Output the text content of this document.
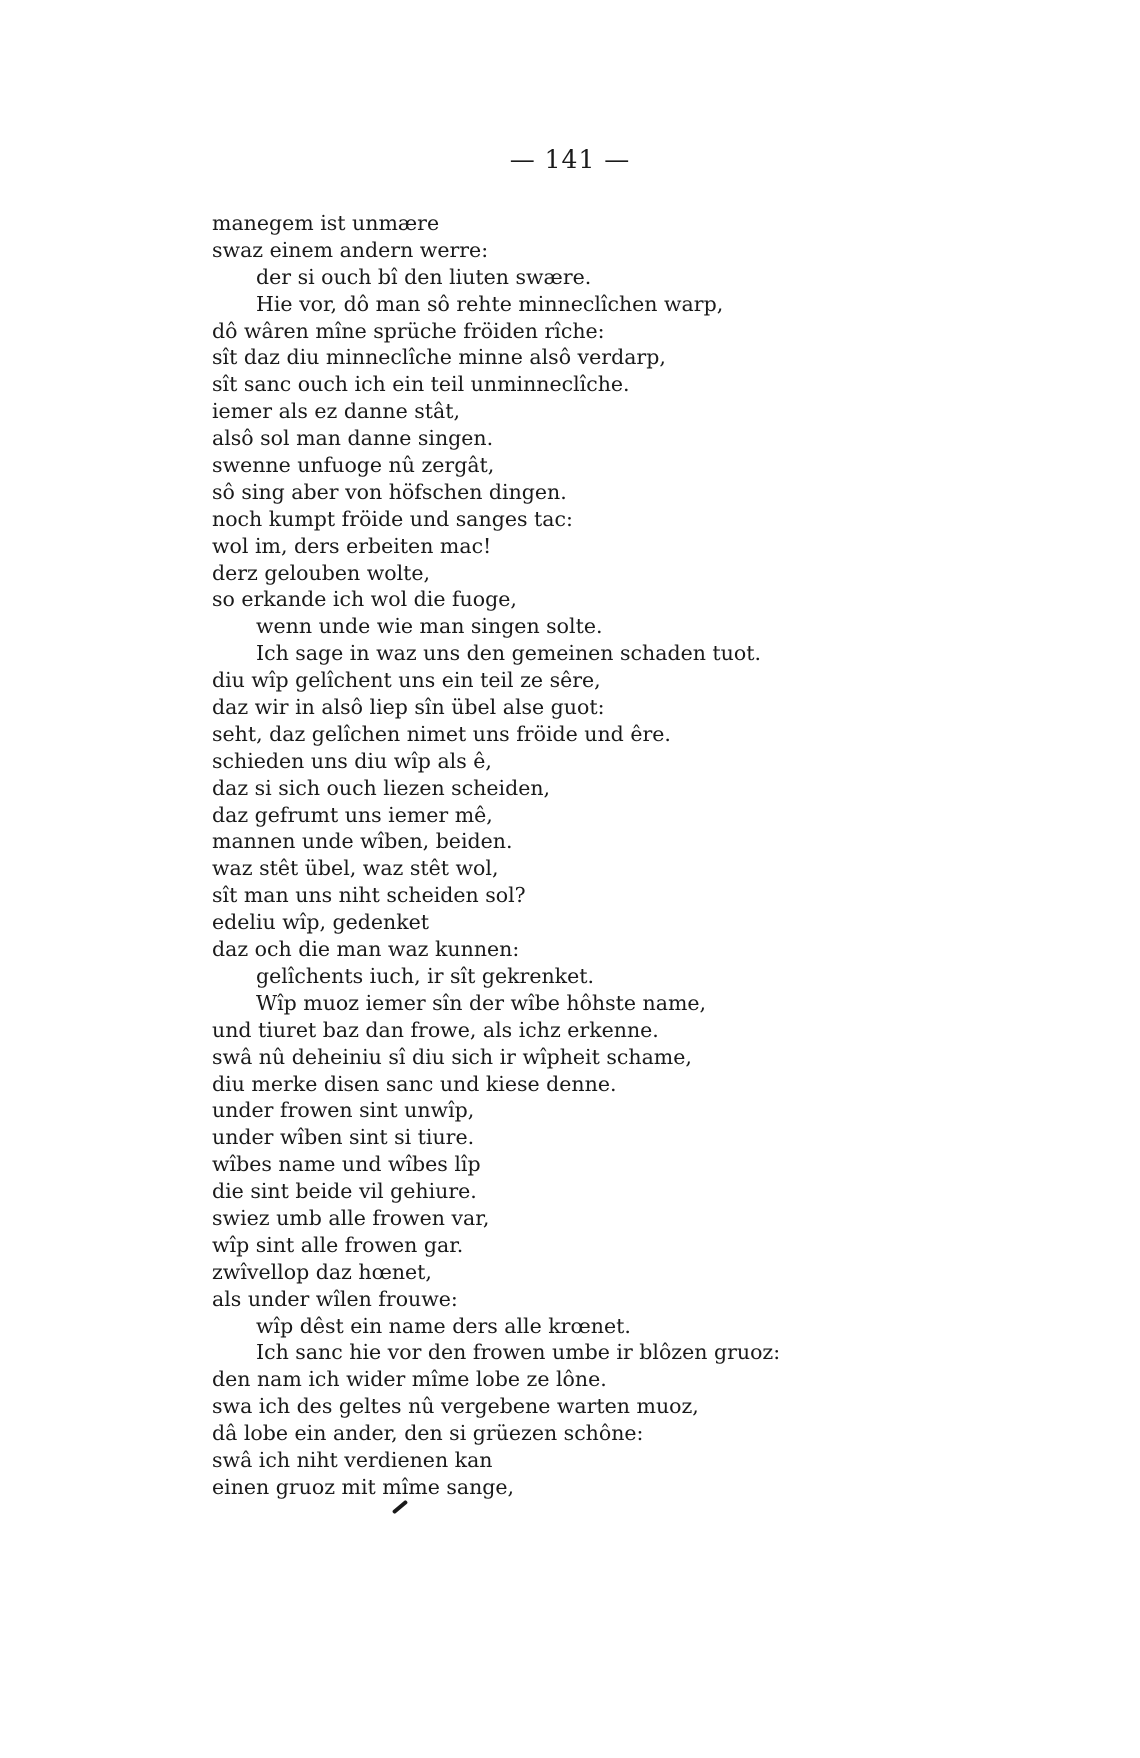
— 141 —
manegem ist unmære
swaz einem andern werre:
der si ouch bî den liuten swære.
Hie vor, dô man sô rehte minneclîchen warp,
dô wâren mîne sprüche fröiden rîche:
sît daz diu minneclîche minne alsô verdarp,
sît sanc ouch ich ein teil unminneclîche.
iemer als ez danne stât,
alsô sol man danne singen.
swenne unfuoge nû zergât,
sô sing aber von höfschen dingen.
noch kumpt fröide und sanges tac:
wol im, ders erbeiten mac!
derz gelouben wolte,
so erkande ich wol die fuoge,
wenn unde wie man singen solte.
Ich sage in waz uns den gemeinen schaden tuot.
diu wîp gelîchent uns ein teil ze sêre,
daz wir in alsô liep sîn übel alse guot:
seht, daz gelîchen nimet uns fröide und êre.
schieden uns diu wîp als ê,
daz si sich ouch liezen scheiden,
daz gefrumt uns iemer mê,
mannen unde wîben, beiden.
waz stêt übel, waz stêt wol,
sît man uns niht scheiden sol?
edeliu wîp, gedenket
daz och die man waz kunnen:
gelîchents iuch, ir sît gekrenket.
Wîp muoz iemer sîn der wîbe hôhste name,
und tiuret baz dan frowe, als ichz erkenne.
swâ nû deheiniu sî diu sich ir wîpheit schame,
diu merke disen sanc und kiese denne.
under frowen sint unwîp,
under wîben sint si tiure.
wîbes name und wîbes lîp
die sint beide vil gehiure.
swiez umb alle frowen var,
wîp sint alle frowen gar.
zwîvellop daz hœnet,
als under wîlen frouwe:
wîp dêst ein name ders alle krœnet.
Ich sanc hie vor den frowen umbe ir blôzen gruoz:
den nam ich wider mîme lobe ze lône.
swa ich des geltes nû vergebene warten muoz,
dâ lobe ein ander, den si grüezen schône:
swâ ich niht verdienen kan
einen gruoz mit mîme sange,
